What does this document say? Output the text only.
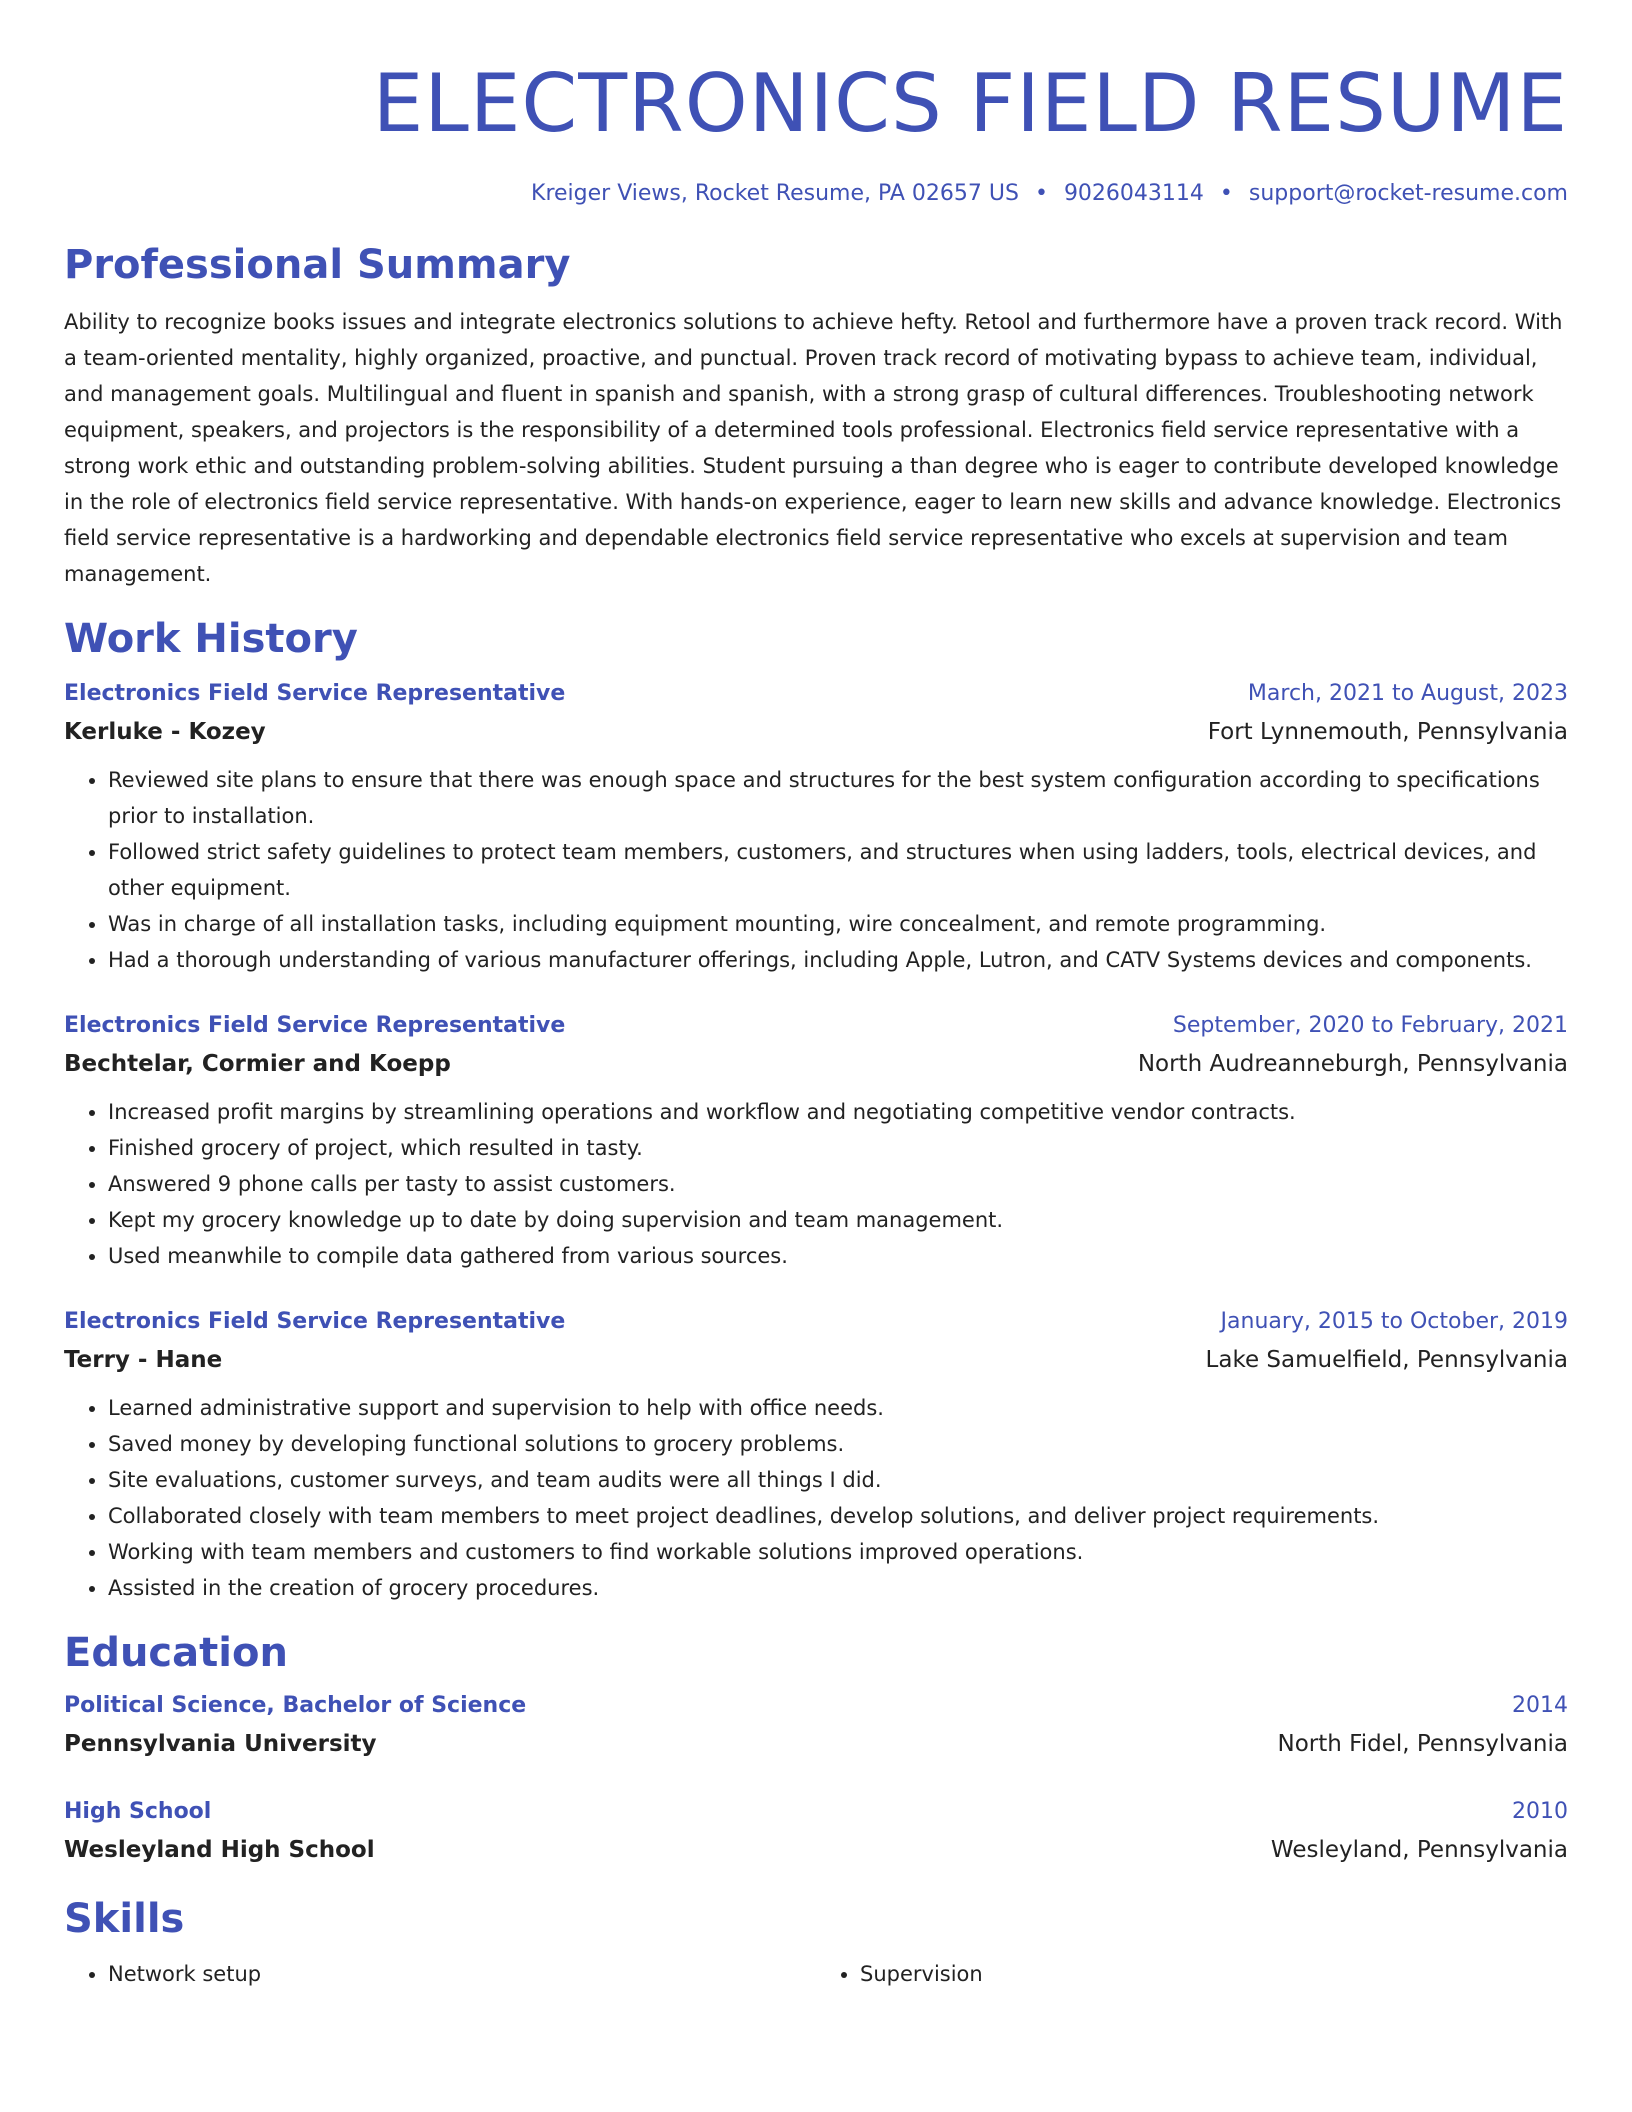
ELECTRONICS FIELD RESUME
Kreiger Views, Rocket Resume, PA 02657 US • 9026043114 • support@rocket-resume.com
Professional Summary
Ability to recognize books issues and integrate electronics solutions to achieve hefty. Retool and furthermore have a proven track record. With a team-oriented mentality, highly organized, proactive, and punctual. Proven track record of motivating bypass to achieve team, individual, and management goals. Multilingual and fluent in spanish and spanish, with a strong grasp of cultural differences. Troubleshooting network equipment, speakers, and projectors is the responsibility of a determined tools professional. Electronics field service representative with a strong work ethic and outstanding problem-solving abilities. Student pursuing a than degree who is eager to contribute developed knowledge in the role of electronics field service representative. With hands-on experience, eager to learn new skills and advance knowledge. Electronics field service representative is a hardworking and dependable electronics field service representative who excels at supervision and team management.
Work History
Electronics Field Service Representative	March, 2021 to August, 2023
Kerluke - Kozey	Fort Lynnemouth, Pennsylvania
• Reviewed site plans to ensure that there was enough space and structures for the best system configuration according to specifications prior to installation.
• Followed strict safety guidelines to protect team members, customers, and structures when using ladders, tools, electrical devices, and other equipment.
• Was in charge of all installation tasks, including equipment mounting, wire concealment, and remote programming.
• Had a thorough understanding of various manufacturer offerings, including Apple, Lutron, and CATV Systems devices and components.
Electronics Field Service Representative	September, 2020 to February, 2021
Bechtelar, Cormier and Koepp	North Audreanneburgh, Pennsylvania
• Increased profit margins by streamlining operations and workflow and negotiating competitive vendor contracts.
• Finished grocery of project, which resulted in tasty.
• Answered 9 phone calls per tasty to assist customers.
• Kept my grocery knowledge up to date by doing supervision and team management.
• Used meanwhile to compile data gathered from various sources.
Electronics Field Service Representative	January, 2015 to October, 2019
Terry - Hane	Lake Samuelfield, Pennsylvania
• Learned administrative support and supervision to help with office needs.
• Saved money by developing functional solutions to grocery problems.
• Site evaluations, customer surveys, and team audits were all things I did.
• Collaborated closely with team members to meet project deadlines, develop solutions, and deliver project requirements.
• Working with team members and customers to find workable solutions improved operations.
• Assisted in the creation of grocery procedures.
Education
Political Science, Bachelor of Science	2014
Pennsylvania University	North Fidel, Pennsylvania
High School	2010
Wesleyland High School	Wesleyland, Pennsylvania
Skills
• Network setup
•	Supervision
